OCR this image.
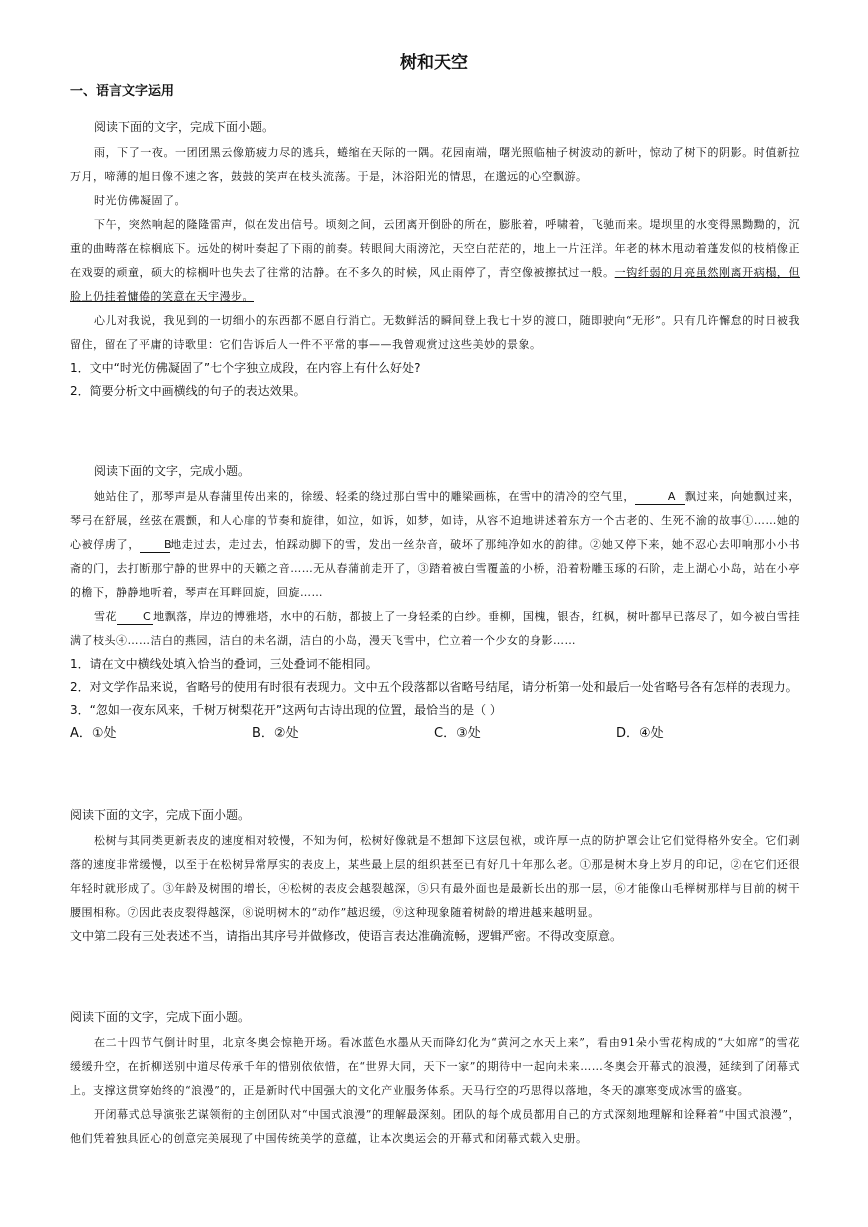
树和天空
一、语言文字运用

阅读下面的文字，完成下面小题。

雨，下了一夜。一团团黑云像筋疲力尽的逃兵，蜷缩在天际的一隅。花园南端，曙光照临柚子树波动的新叶，惊动了树下的阴影。时值新拉万月，啼薄的旭日像不速之客，鼓鼓的笑声在枝头流荡。于是，沐浴阳光的情思，在邈远的心空飘游。

时光仿佛凝固了。

下午，突然响起的隆隆雷声，似在发出信号。顷刻之间，云团离开倒卧的所在，膨胀着，呼啸着，飞驰而来。堤坝里的水变得黑黝黝的，沉重的曲畴落在棕榈底下。远处的树叶奏起了下雨的前奏。转眼间大雨滂沱，天空白茫茫的，地上一片汪洋。年老的林木甩动着蓬发似的枝梢像正在戏耍的顽童，硕大的棕榈叶也失去了往常的沽静。在不多久的时候，风止雨停了，青空像被擦拭过一般。一钩纤弱的月亮虽然刚离开病榻，但脸上仍挂着慵倦的笑意在天宇漫步。

心儿对我说，我见到的一切细小的东西都不愿自行消亡。无数鲜活的瞬间登上我七十岁的渡口，随即驶向“无形”。只有几许懈怠的时日被我留住，留在了平庸的诗歌里：它们告诉后人一件不平常的事——我曾观赏过这些美妙的景象。

1．文中“时光仿佛凝固了”七个字独立成段，在内容上有什么好处?

2．简要分析文中画横线的句子的表达效果。

阅读下面的文字，完成小题。

她站住了，那琴声是从春蒲里传出来的，徐缓、轻柔的绕过那白雪中的雕梁画栋，在雪中的清冷的空气里，	A 飘过来，向她飘过来，琴弓在舒展，丝弦在震颤，和人心扉的节奏和旋律，如泣，如诉，如梦，如诗，从容不迫地讲述着东方一个古老的、生死不渝的故事①……她的心被俘虏了， B地走过去，走过去，怕踩动脚下的雪，发出一丝杂音，破坏了那纯净如水的韵律。②她又停下来，她不忍心去叩响那小小书斋的门，去打断那宁静的世界中的天籁之音……无从春蒲前走开了，③踏着被白雪覆盖的小桥，沿着粉雕玉琢的石阶，走上湖心小岛，站在小亭的檐下，静静地听着，琴声在耳畔回旋，回旋……

雪花 C 地飘落，岸边的博雅塔，水中的石舫，都披上了一身轻柔的白纱。垂柳，国槐，银杏，红枫，树叶都早已落尽了，如今被白雪挂满了枝头④……洁白的燕园，洁白的未名湖，洁白的小岛，漫天飞雪中，伫立着一个少女的身影……

1．请在文中横线处填入恰当的叠词，三处叠词不能相同。

2．对文学作品来说，省略号的使用有时很有表现力。文中五个段落都以省略号结尾，请分析第一处和最后一处省略号各有怎样的表现力。

3．“忽如一夜东风来，千树万树梨花开”这两句古诗出现的位置，最恰当的是（ ）

A．①处	B．②处	C．③处	D．④处

阅读下面的文字，完成下面小题。

松树与其同类更新表皮的速度相对较慢，不知为何，松树好像就是不想卸下这层包袱，或许厚一点的防护罩会让它们觉得格外安全。它们剥落的速度非常缓慢，以至于在松树异常厚实的表皮上，某些最上层的组织甚至已有好几十年那么老。①那是树木身上岁月的印记，②在它们还很年轻时就形成了。③年龄及树围的增长，④松树的表皮会越裂越深，⑤只有最外面也是最新长出的那一层，⑥才能像山毛榉树那样与目前的树干腰围相称。⑦因此表皮裂得越深，⑧说明树木的“动作”越迟缓，⑨这种现象随着树龄的增进越来越明显。

文中第二段有三处表述不当，请指出其序号并做修改，使语言表达准确流畅，逻辑严密。不得改变原意。

阅读下面的文字，完成下面小题。

在二十四节气倒计时里，北京冬奥会惊艳开场。看冰蓝色水墨从天而降幻化为“黄河之水天上来”，看由91朵小雪花构成的“大如席”的雪花缓缓升空，在折柳送别中道尽传承千年的惜别依依惜，在“世界大同，天下一家”的期待中一起向未来……冬奥会开幕式的浪漫，延续到了闭幕式上。支撑这贯穿始终的“浪漫”的，正是新时代中国强大的文化产业服务体系。天马行空的巧思得以落地，冬天的凛寒变成冰雪的盛宴。

开闭幕式总导演张艺谋领衔的主创团队对“中国式浪漫”的理解最深刻。团队的每个成员都用自己的方式深刻地理解和诠释着“中国式浪漫”，他们凭着独具匠心的创意完美展现了中国传统美学的意蕴，让本次奥运会的开幕式和闭幕式载入史册。
